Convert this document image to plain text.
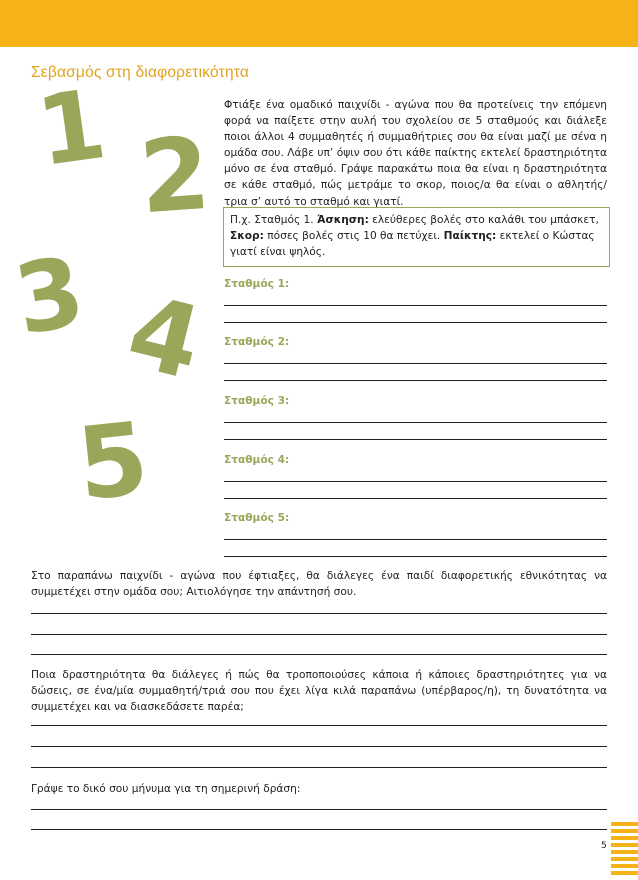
Σεβασμός στη διαφορετικότητα
1 2
3 4
5
Φτιάξε ένα ομαδικό παιχνίδι - αγώνα που θα προτείνεις την επόμενη φορά να παίξετε στην αυλή του σχολείου σε 5 σταθμούς και διάλεξε ποιοι άλλοι 4 συμμαθητές ή συμμαθήτριες σου θα είναι μαζί με σένα η ομάδα σου. Λάβε υπ’ όψιν σου ότι κάθε παίκτης εκτελεί δραστηριότητα μόνο σε ένα σταθμό. Γράψε παρακάτω ποια θα είναι η δραστηριότητα σε κάθε σταθμό, πώς μετράμε το σκορ, ποιος/α θα είναι ο αθλητής/τρια σ’ αυτό το σταθμό και γιατί.
Π.χ. Σταθμός 1. Άσκηση: ελεύθερες βολές στο καλάθι του μπάσκετ,
Σκορ: πόσες βολές στις 10 θα πετύχει. Παίκτης: εκτελεί ο Κώστας γιατί είναι ψηλός.
Σταθμός 1:
Σταθμός 2:
Σταθμός 3:
Σταθμός 4:
Σταθμός 5:
Στο παραπάνω παιχνίδι - αγώνα που έφτιαξες, θα διάλεγες ένα παιδί διαφορετικής εθνικότητας να συμμετέχει στην ομάδα σου; Αιτιολόγησε την απάντησή σου.
Ποια δραστηριότητα θα διάλεγες ή πώς θα τροποποιούσες κάποια ή κάποιες δραστηριότητες για να δώσεις, σε ένα/μία συμμαθητή/τριά σου που έχει λίγα κιλά παραπάνω (υπέρβαρος/η), τη δυνατότητα να συμμετέχει και να διασκεδάσετε παρέα;
Γράψε το δικό σου μήνυμα για τη σημερινή δράση:
5
